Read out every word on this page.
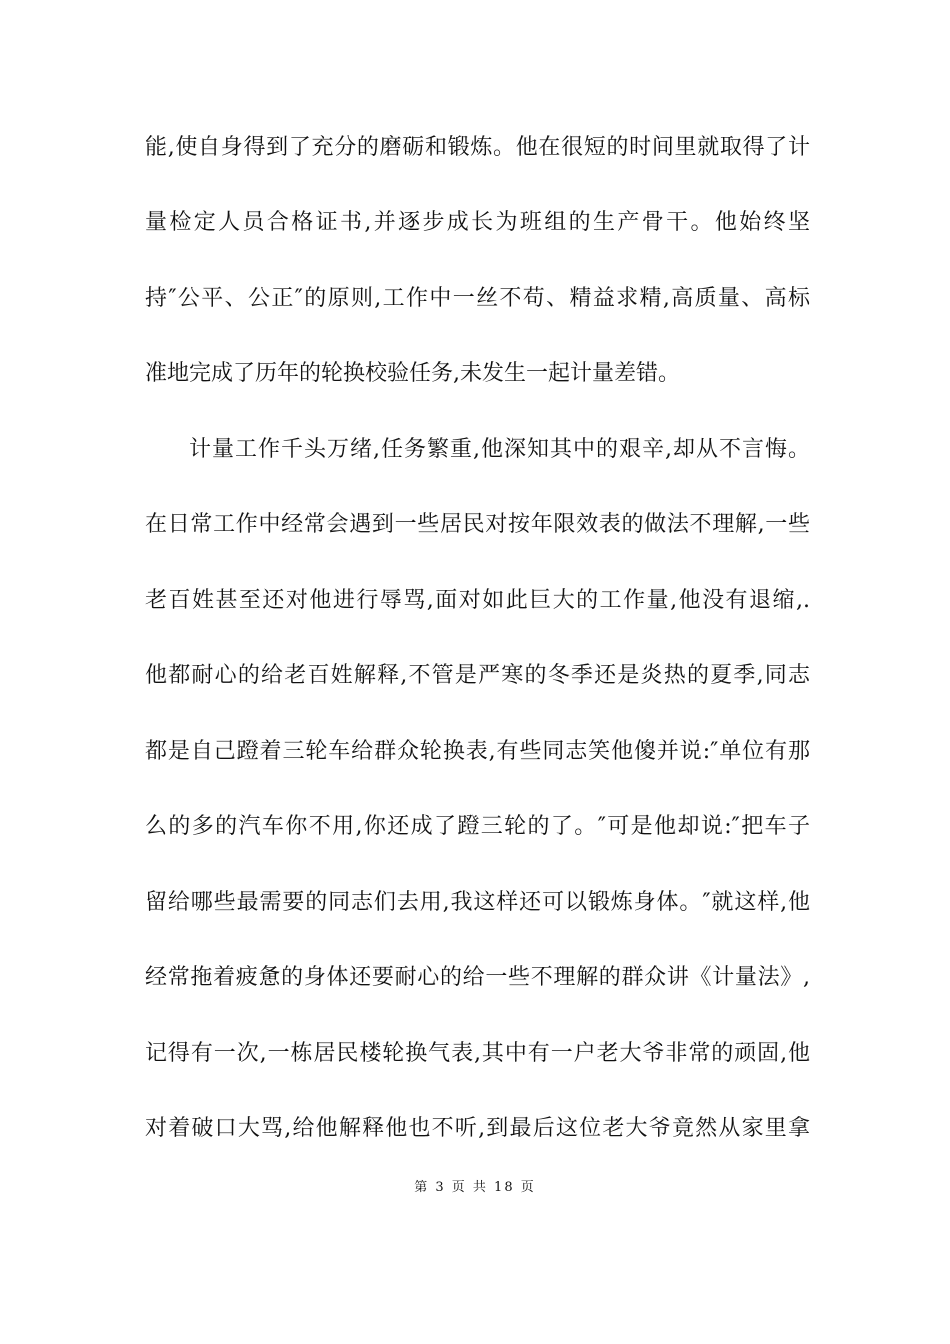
能,使自身得到了充分的磨砺和锻炼。他在很短的时间里就取得了计
量检定人员合格证书,并逐步成长为班组的生产骨干。他始终坚
持″公平、公正″的原则,工作中一丝不苟、精益求精,高质量、高标
准地完成了历年的轮换校验任务,未发生一起计量差错。
计量工作千头万绪,任务繁重,他深知其中的艰辛,却从不言悔。
在日常工作中经常会遇到一些居民对按年限效表的做法不理解,一些
老百姓甚至还对他进行辱骂,面对如此巨大的工作量,他没有退缩,.
他都耐心的给老百姓解释,不管是严寒的冬季还是炎热的夏季,同志
都是自己蹬着三轮车给群众轮换表,有些同志笑他傻并说:″单位有那
么的多的汽车你不用,你还成了蹬三轮的了。″可是他却说:″把车子
留给哪些最需要的同志们去用,我这样还可以锻炼身体。″就这样,他
经常拖着疲惫的身体还要耐心的给一些不理解的群众讲《计量法》,
记得有一次,一栋居民楼轮换气表,其中有一户老大爷非常的顽固,他
对着破口大骂,给他解释他也不听,到最后这位老大爷竟然从家里拿
第 3 页 共 18 页
